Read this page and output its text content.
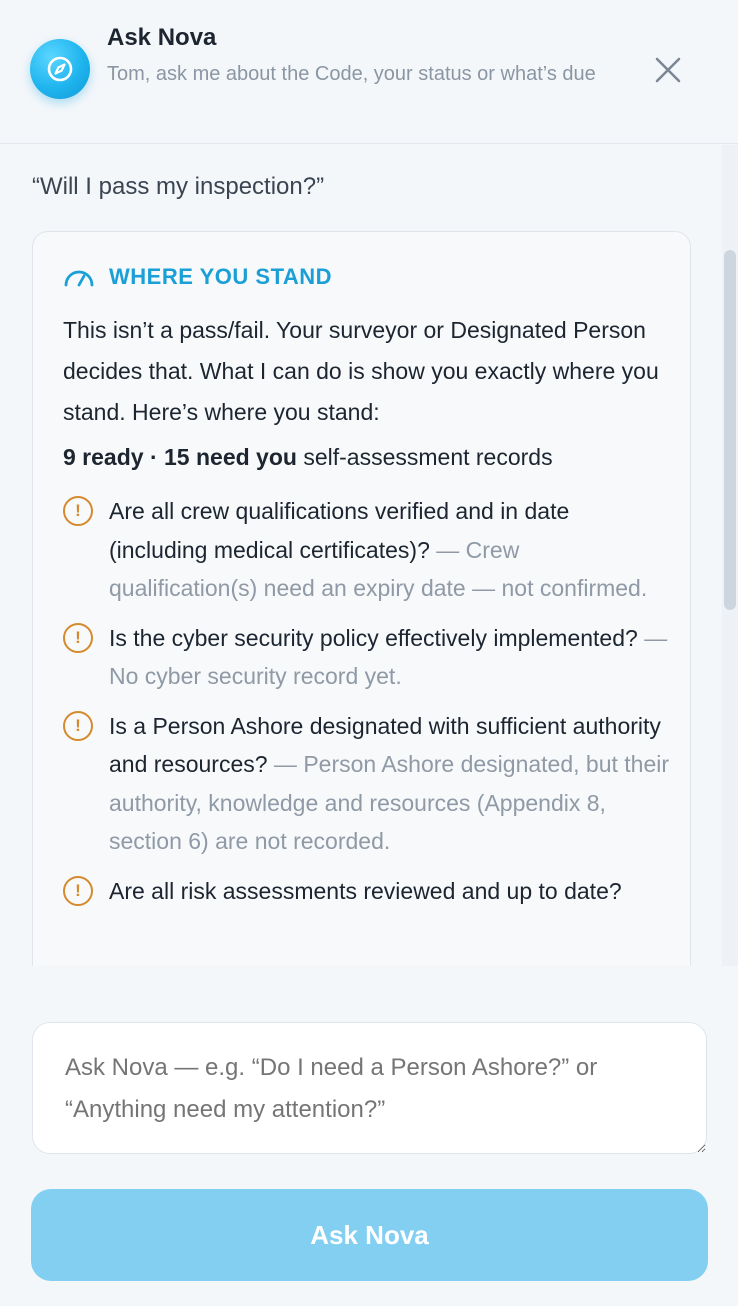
Ask Nova
Tom, ask me about the Code, your status or what’s due
“Will I pass my inspection?”
WHERE YOU STAND
This isn’t a pass/fail. Your surveyor or Designated Person decides that. What I can do is show you exactly where you stand. Here’s where you stand:
9 ready · 15 need you self-assessment records
!	Are all crew qualifications verified and in date (including medical certificates)? — Crew qualification(s) need an expiry date — not confirmed.
!	Is the cyber security policy effectively implemented? — No cyber security record yet.
!	Is a Person Ashore designated with sufficient authority and resources? — Person Ashore designated, but their authority, knowledge and resources (Appendix 8, section 6) are not recorded.
!	Are all risk assessments reviewed and up to date?
Ask Nova — e.g. “Do I need a Person Ashore?” or “Anything need my attention?”
Ask Nova
